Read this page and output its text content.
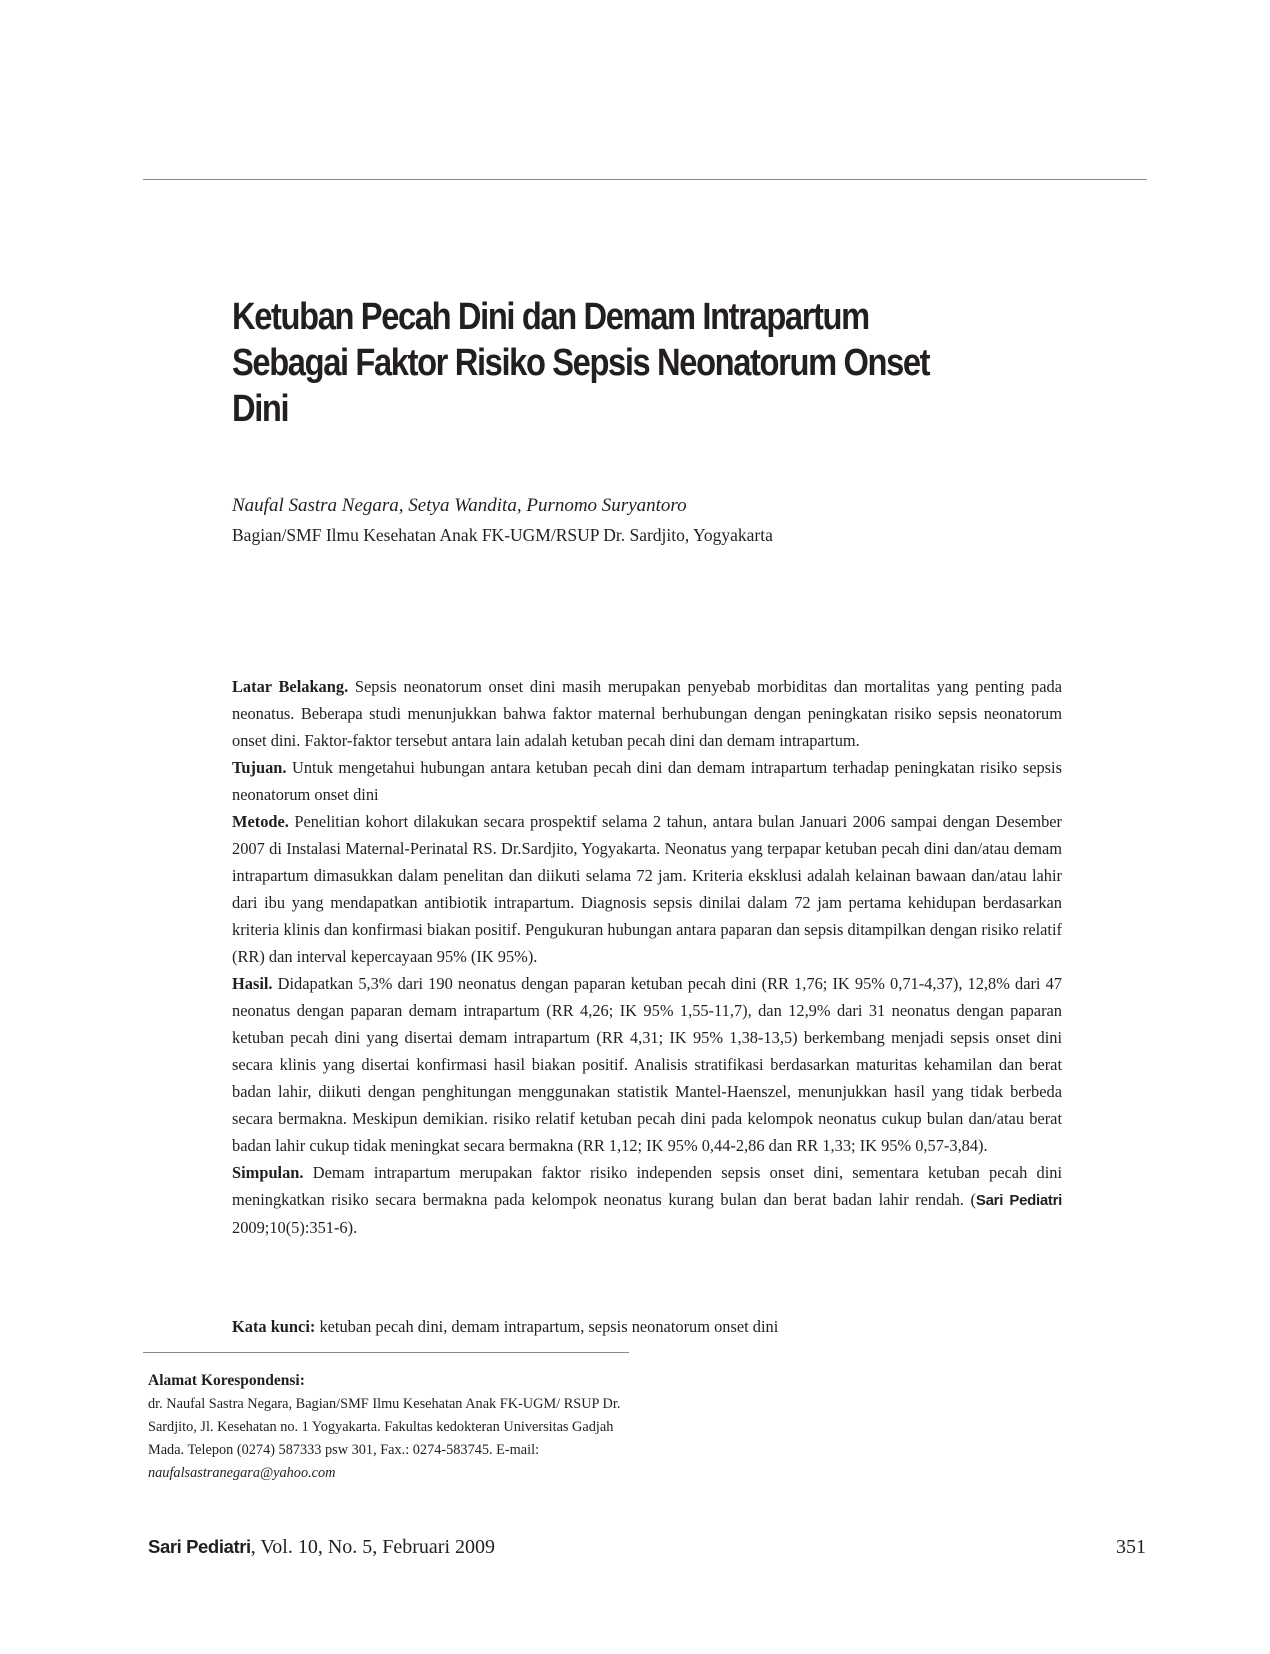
Ketuban Pecah Dini dan Demam Intrapartum
Sebagai Faktor Risiko Sepsis Neonatorum Onset
Dini

Naufal Sastra Negara, Setya Wandita, Purnomo Suryantoro

Bagian/SMF Ilmu Kesehatan Anak FK-UGM/RSUP Dr. Sardjito, Yogyakarta

Latar Belakang. Sepsis neonatorum onset dini masih merupakan penyebab morbiditas dan mortalitas yang penting pada neonatus. Beberapa studi menunjukkan bahwa faktor maternal berhubungan dengan peningkatan risiko sepsis neonatorum onset dini. Faktor-faktor tersebut antara lain adalah ketuban pecah dini dan demam intrapartum.

Tujuan. Untuk mengetahui hubungan antara ketuban pecah dini dan demam intrapartum terhadap peningkatan risiko sepsis neonatorum onset dini

Metode. Penelitian kohort dilakukan secara prospektif selama 2 tahun, antara bulan Januari 2006 sampai dengan Desember 2007 di Instalasi Maternal-Perinatal RS. Dr.Sardjito, Yogyakarta. Neonatus yang terpapar ketuban pecah dini dan/atau demam intrapartum dimasukkan dalam penelitan dan diikuti selama 72 jam. Kriteria eksklusi adalah kelainan bawaan dan/atau lahir dari ibu yang mendapatkan antibiotik intrapartum. Diagnosis sepsis dinilai dalam 72 jam pertama kehidupan berdasarkan kriteria klinis dan konfirmasi biakan positif. Pengukuran hubungan antara paparan dan sepsis ditampilkan dengan risiko relatif (RR) dan interval kepercayaan 95% (IK 95%).

Hasil. Didapatkan 5,3% dari 190 neonatus dengan paparan ketuban pecah dini (RR 1,76; IK 95% 0,71-4,37), 12,8% dari 47 neonatus dengan paparan demam intrapartum (RR 4,26; IK 95% 1,55-11,7), dan 12,9% dari 31 neonatus dengan paparan ketuban pecah dini yang disertai demam intrapartum (RR 4,31; IK 95% 1,38-13,5) berkembang menjadi sepsis onset dini secara klinis yang disertai konfirmasi hasil biakan positif. Analisis stratifikasi berdasarkan maturitas kehamilan dan berat badan lahir, diikuti dengan penghitungan menggunakan statistik Mantel-Haenszel, menunjukkan hasil yang tidak berbeda secara bermakna. Meskipun demikian. risiko relatif ketuban pecah dini pada kelompok neonatus cukup bulan dan/atau berat badan lahir cukup tidak meningkat secara bermakna (RR 1,12; IK 95% 0,44-2,86 dan RR 1,33; IK 95% 0,57-3,84).

Simpulan. Demam intrapartum merupakan faktor risiko independen sepsis onset dini, sementara ketuban pecah dini meningkatkan risiko secara bermakna pada kelompok neonatus kurang bulan dan berat badan lahir rendah. (Sari Pediatri 2009;10(5):351-6).

Kata kunci: ketuban pecah dini, demam intrapartum, sepsis neonatorum onset dini

Alamat Korespondensi:

dr. Naufal Sastra Negara, Bagian/SMF Ilmu Kesehatan Anak FK-UGM/ RSUP Dr. Sardjito, Jl. Kesehatan no. 1 Yogyakarta. Fakultas kedokteran Universitas Gadjah Mada. Telepon (0274) 587333 psw 301, Fax.: 0274-583745. E-mail: naufalsastranegara@yahoo.com

Sari Pediatri, Vol. 10, No. 5, Februari 2009	351
